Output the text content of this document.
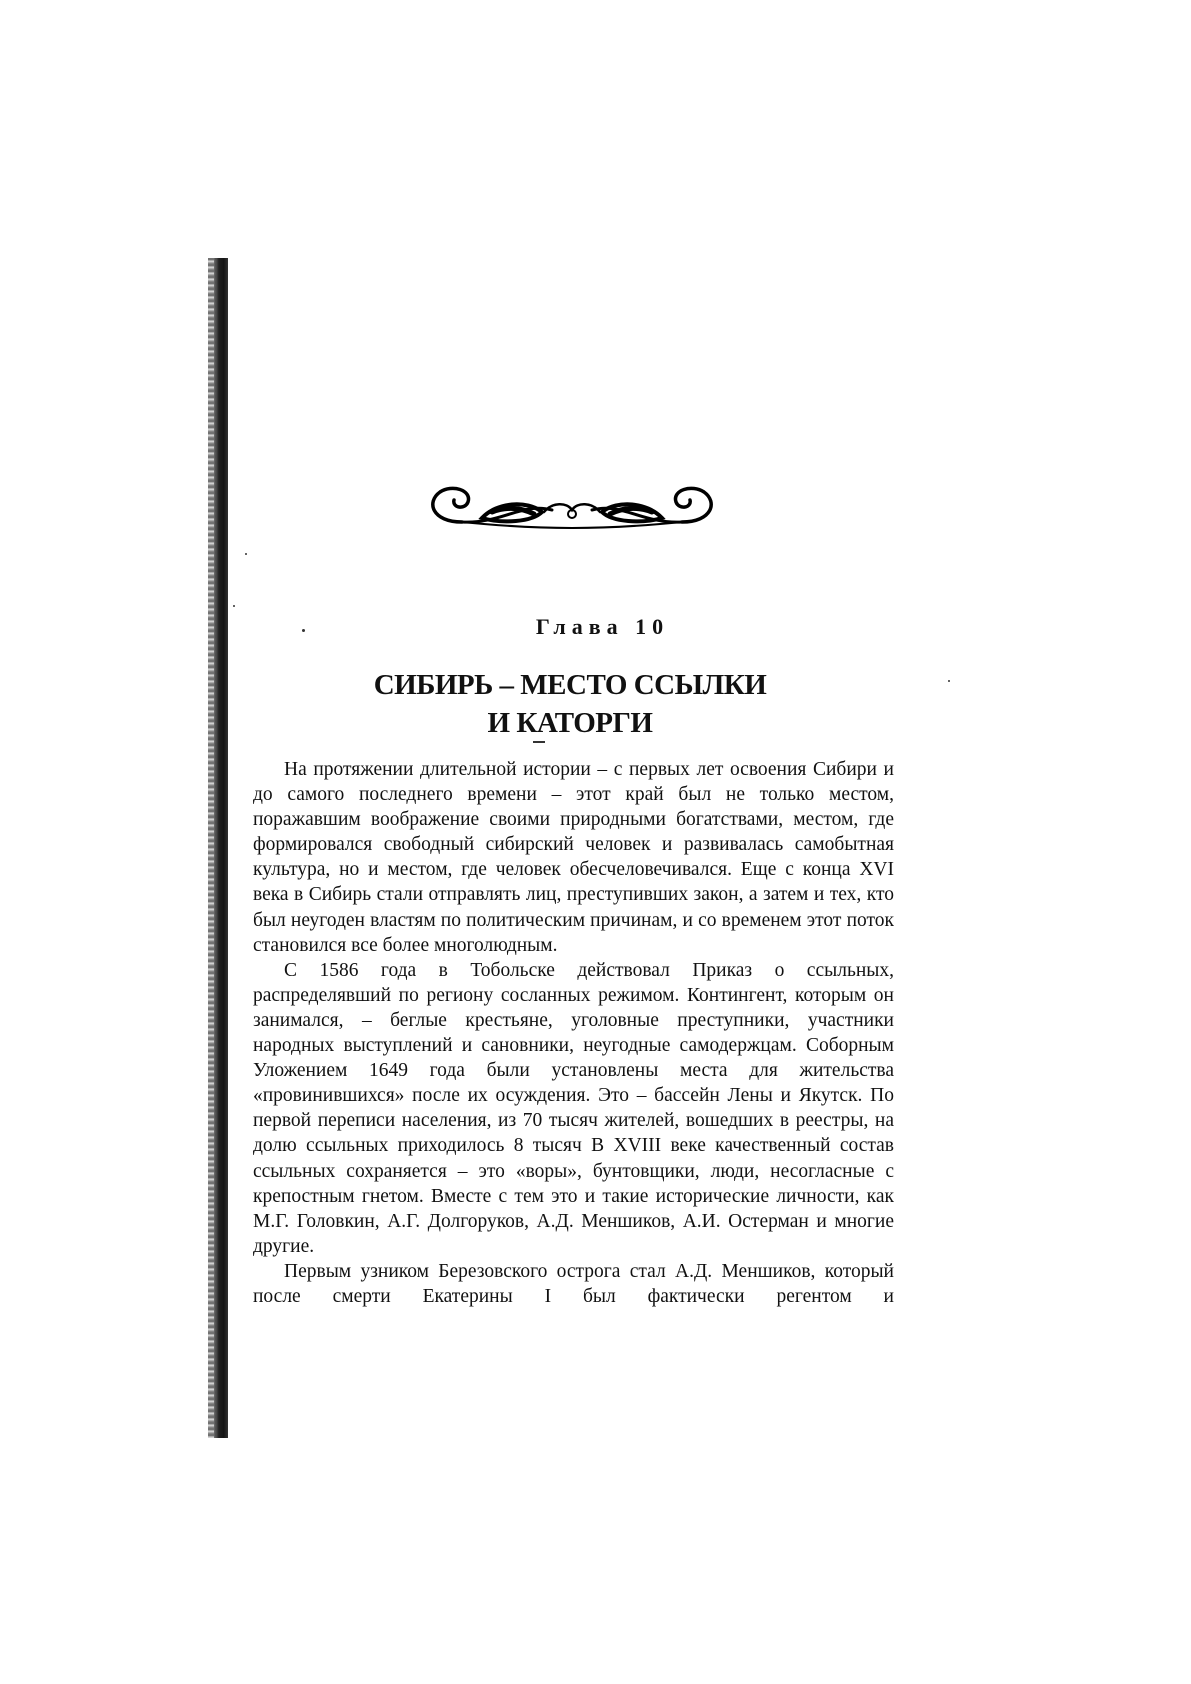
Глава 10
СИБИРЬ – МЕСТО ССЫЛКИ
И КАТОРГИ

На протяжении длительной истории – с первых лет освоения Сибири и до самого последнего времени – этот край был не только местом, поражавшим воображение своими природными богатствами, местом, где формировался свободный сибирский человек и развивалась самобытная культура, но и местом, где человек обесчеловечивался. Еще с конца XVI века в Сибирь стали отправлять лиц, преступивших закон, а затем и тех, кто был неугоден властям по политическим причинам, и со временем этот поток становился все более многолюдным.

С 1586 года в Тобольске действовал Приказ о ссыльных, распределявший по региону сосланных режимом. Контингент, которым он занимался, – беглые крестьяне, уголовные преступники, участники народных выступлений и сановники, неугодные самодержцам. Соборным Уложением 1649 года были установлены места для жительства «провинившихся» после их осуждения. Это – бассейн Лены и Якутск. По первой переписи населения, из 70 тысяч жителей, вошедших в реестры, на долю ссыльных приходилось 8 тысяч В XVIII веке качественный состав ссыльных сохраняется – это «воры», бунтовщики, люди, несогласные с крепостным гнетом. Вместе с тем это и такие исторические личности, как М.Г. Головкин, А.Г. Долгоруков, А.Д. Меншиков, А.И. Остерман и многие другие.

Первым узником Березовского острога стал А.Д. Меншиков, который после смерти Екатерины I был фактически регентом и
